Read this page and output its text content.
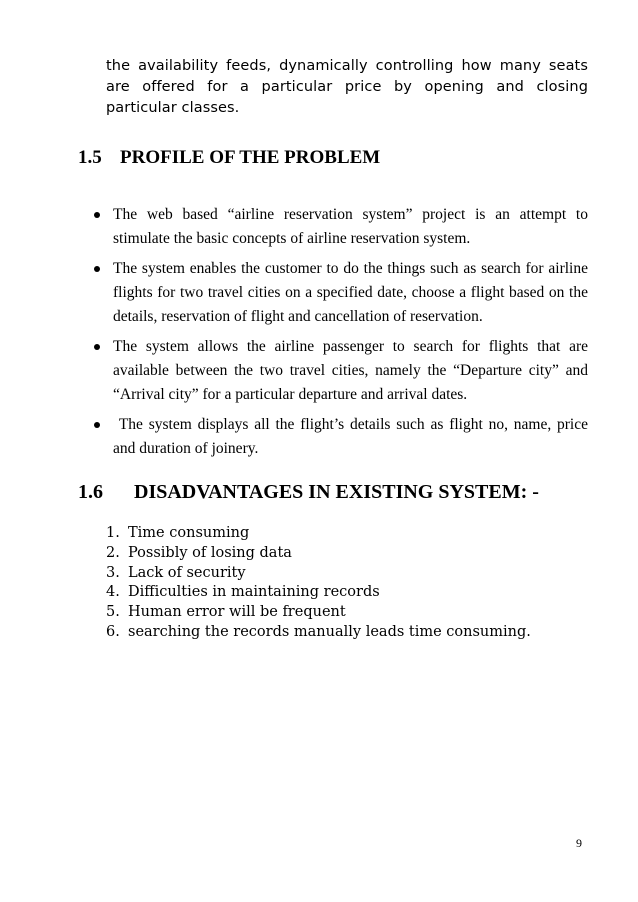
the availability feeds, dynamically controlling how many seats are offered for a particular price by opening and closing particular classes.

1.5 PROFILE OF THE PROBLEM
The web based “airline reservation system” project is an attempt to stimulate the basic concepts of airline reservation system.
The system enables the customer to do the things such as search for airline flights for two travel cities on a specified date, choose a flight based on the details, reservation of flight and cancellation of reservation.
The system allows the airline passenger to search for flights that are available between the two travel cities, namely the “Departure city” and “Arrival city” for a particular departure and arrival dates.
The system displays all the flight’s details such as flight no, name, price and duration of joinery.
1.6 DISADVANTAGES IN EXISTING SYSTEM: -
1. Time consuming
2. Possibly of losing data
3. Lack of security
4. Difficulties in maintaining records
5. Human error will be frequent
6. searching the records manually leads time consuming.
9
